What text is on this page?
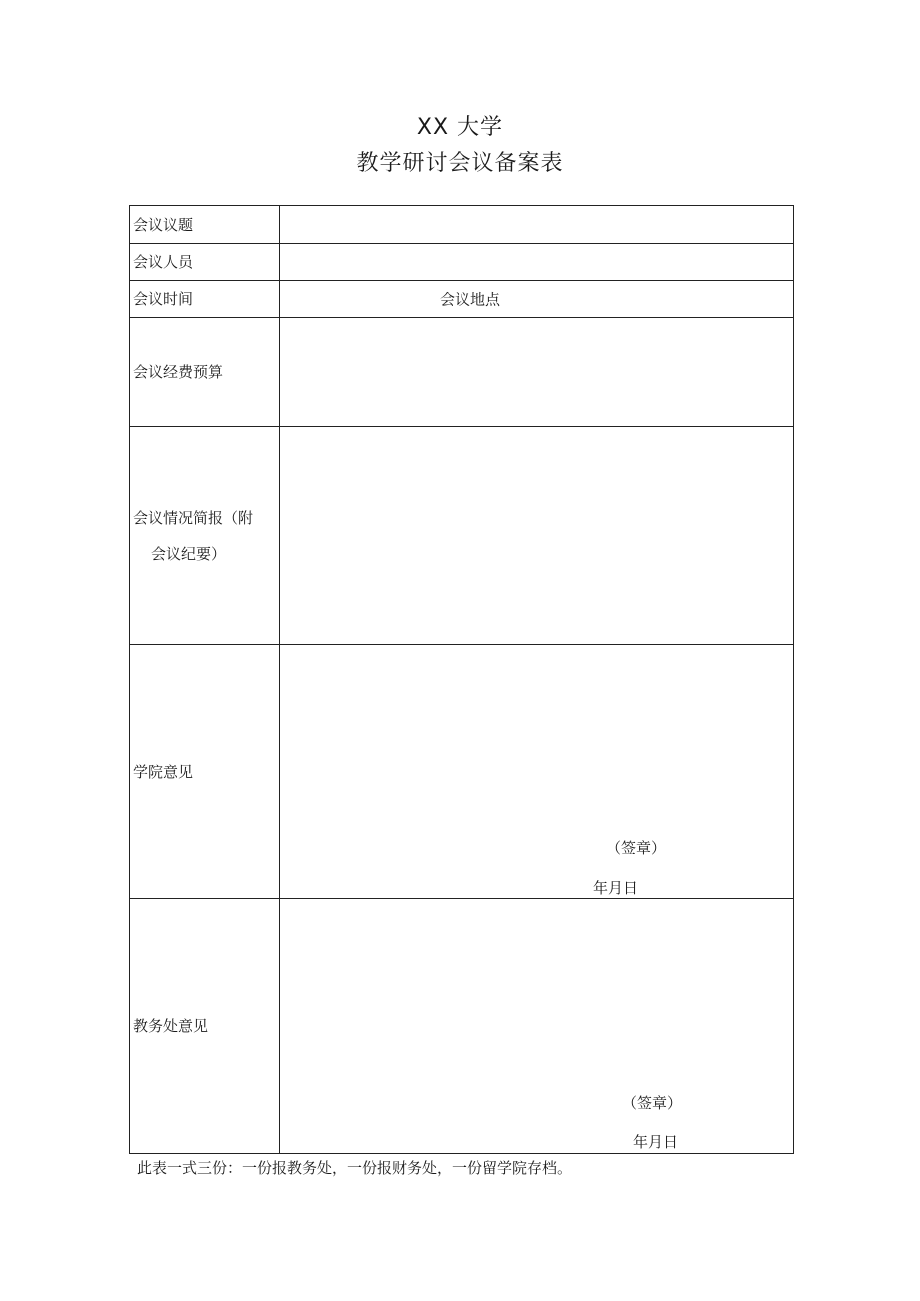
XX 大学
教学研讨会议备案表
会议议题	
会议人员	
会议时间	会议地点

会议经费预算	

会议情况简报（附
会议纪要）	

学院意见	（签章）
年月日

教务处意见	（签章）
年月日
此表一式三份：一份报教务处，一份报财务处，一份留学院存档。
